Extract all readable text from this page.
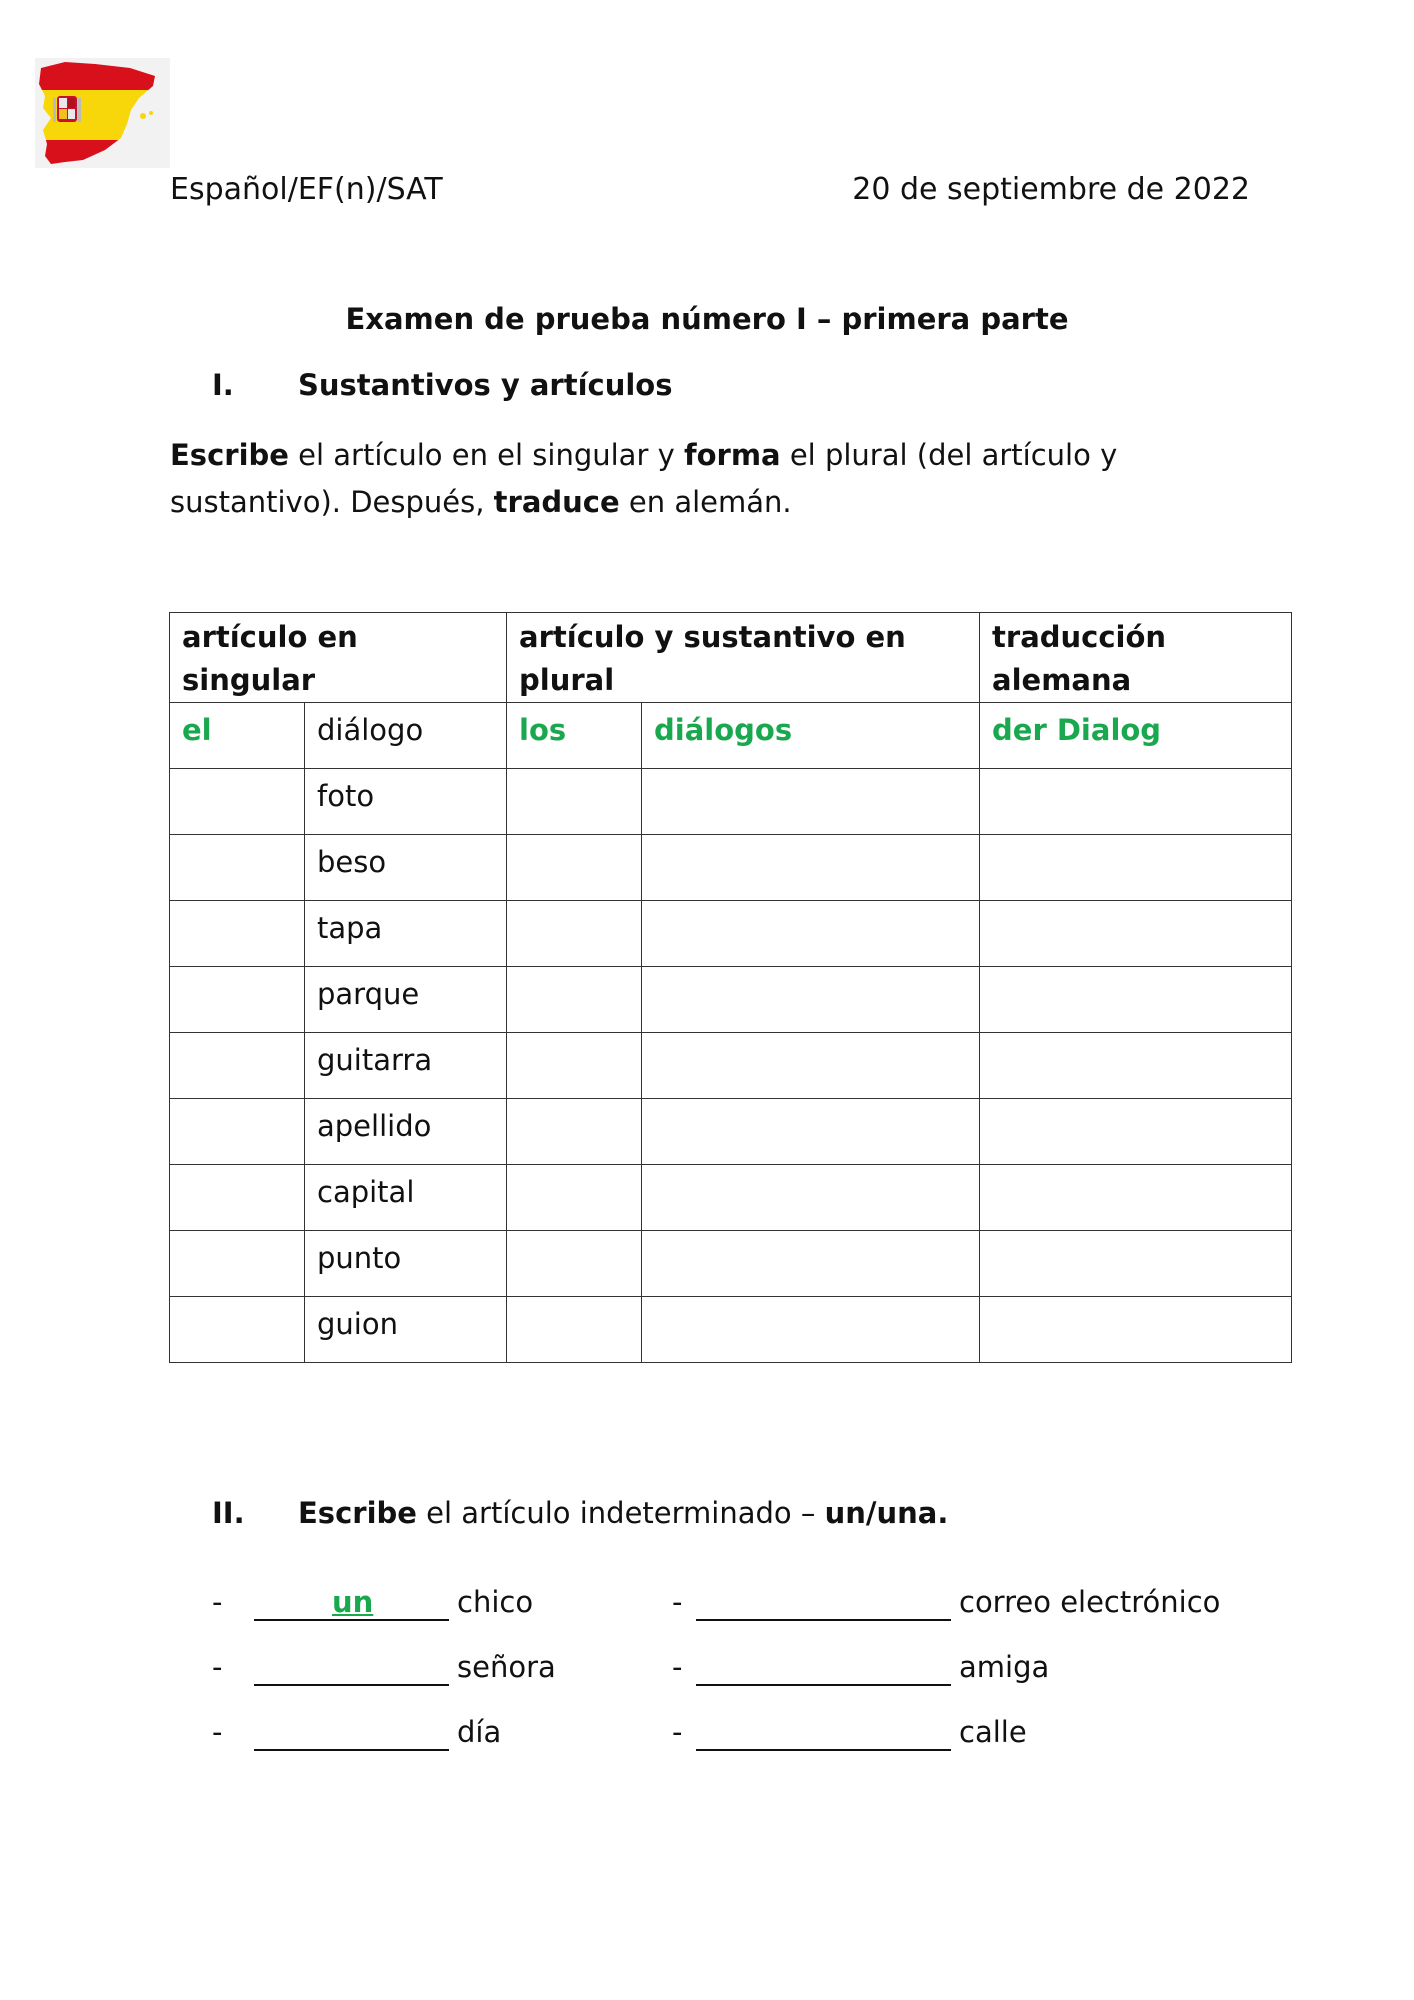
Español/EF(n)/SAT	20 de septiembre de 2022
Examen de prueba número I – primera parte
I. Sustantivos y artículos
Escribe el artículo en el singular y forma el plural (del artículo y sustantivo). Después, traduce en alemán.
artículo en singular		artículo y sustantivo en plural		traducción alemana
el	diálogo	los	diálogos	der Dialog
	foto			
	beso			
	tapa			
	parque			
	guitarra			
	apellido			
	capital			
	punto			
	guion			
II. Escribe el artículo indeterminado – un/una.
-	un	chico
-	señora
-	día
-	correo electrónico
-	amiga
-	calle
